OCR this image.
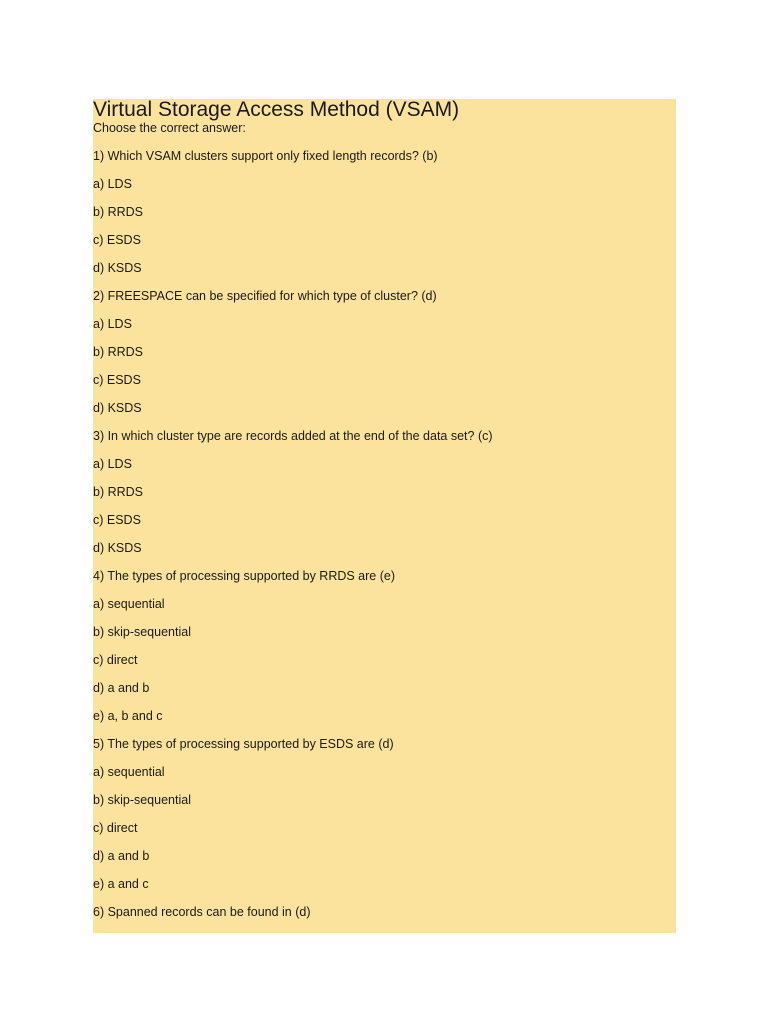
Virtual Storage Access Method (VSAM)
Choose the correct answer:
1) Which VSAM clusters support only fixed length records? (b)
a) LDS
b) RRDS
c) ESDS
d) KSDS
2) FREESPACE can be specified for which type of cluster? (d)
a) LDS
b) RRDS
c) ESDS
d) KSDS
3) In which cluster type are records added at the end of the data set? (c)
a) LDS
b) RRDS
c) ESDS
d) KSDS
4) The types of processing supported by RRDS are (e)
a) sequential
b) skip-sequential
c) direct
d) a and b
e) a, b and c
5) The types of processing supported by ESDS are (d)
a) sequential
b) skip-sequential
c) direct
d) a and b
e) a and c
6) Spanned records can be found in (d)
